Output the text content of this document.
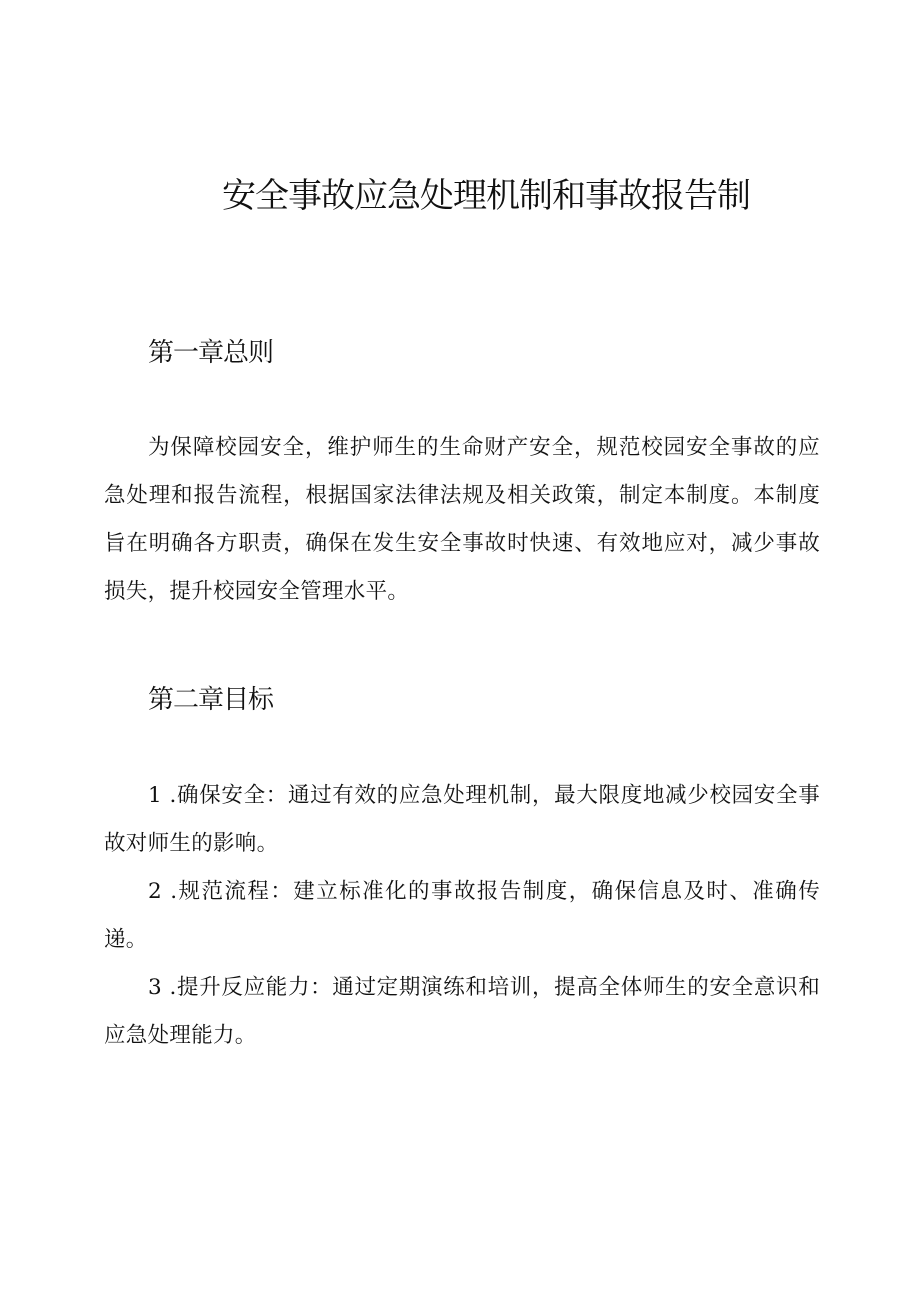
安全事故应急处理机制和事故报告制
第一章总则

为保障校园安全，维护师生的生命财产安全，规范校园安全事故的应急处理和报告流程，根据国家法律法规及相关政策，制定本制度。本制度旨在明确各方职责，确保在发生安全事故时快速、有效地应对，减少事故损失，提升校园安全管理水平。

第二章目标

1 .确保安全：通过有效的应急处理机制，最大限度地减少校园安全事故对师生的影响。

2 .规范流程：建立标准化的事故报告制度，确保信息及时、准确传递。

3 .提升反应能力：通过定期演练和培训，提高全体师生的安全意识和应急处理能力。
